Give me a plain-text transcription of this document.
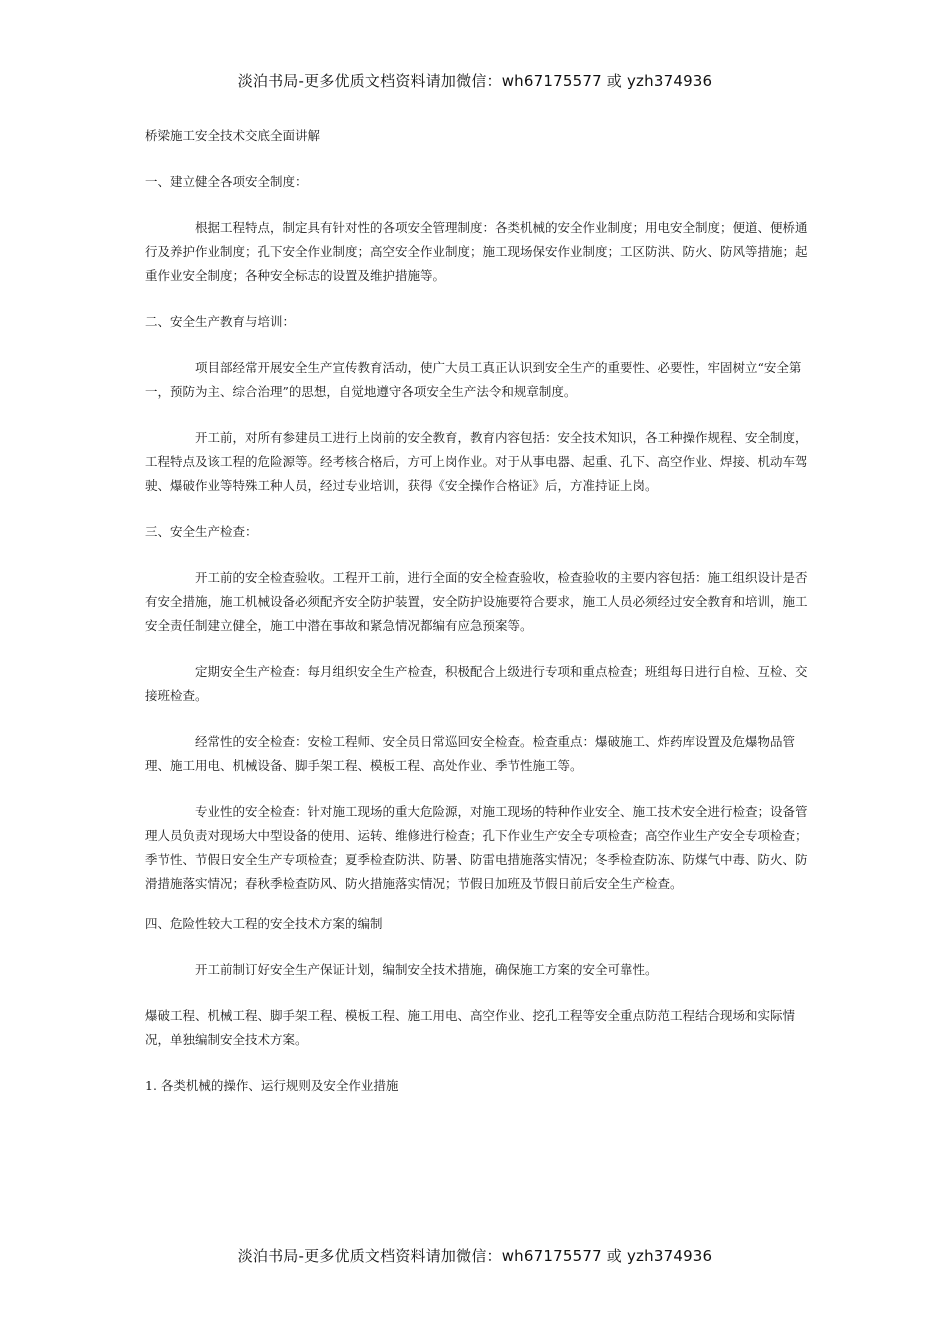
淡泊书局-更多优质文档资料请加微信：wh67175577 或 yzh374936

桥梁施工安全技术交底全面讲解

一、建立健全各项安全制度：

根据工程特点，制定具有针对性的各项安全管理制度：各类机械的安全作业制度；用电安全制度；便道、便桥通行及养护作业制度；孔下安全作业制度；高空安全作业制度；施工现场保安作业制度；工区防洪、防火、防风等措施；起重作业安全制度；各种安全标志的设置及维护措施等。

二、安全生产教育与培训：

项目部经常开展安全生产宣传教育活动，使广大员工真正认识到安全生产的重要性、必要性，牢固树立“安全第一，预防为主、综合治理”的思想，自觉地遵守各项安全生产法令和规章制度。

开工前，对所有参建员工进行上岗前的安全教育，教育内容包括：安全技术知识，各工种操作规程、安全制度，工程特点及该工程的危险源等。经考核合格后，方可上岗作业。对于从事电器、起重、孔下、高空作业、焊接、机动车驾驶、爆破作业等特殊工种人员，经过专业培训，获得《安全操作合格证》后，方准持证上岗。

三、安全生产检查：

开工前的安全检查验收。工程开工前，进行全面的安全检查验收，检查验收的主要内容包括：施工组织设计是否有安全措施，施工机械设备必须配齐安全防护装置，安全防护设施要符合要求，施工人员必须经过安全教育和培训，施工安全责任制建立健全，施工中潜在事故和紧急情况都编有应急预案等。

定期安全生产检查：每月组织安全生产检查，积极配合上级进行专项和重点检查；班组每日进行自检、互检、交接班检查。

经常性的安全检查：安检工程师、安全员日常巡回安全检查。检查重点：爆破施工、炸药库设置及危爆物品管理、施工用电、机械设备、脚手架工程、模板工程、高处作业、季节性施工等。

专业性的安全检查：针对施工现场的重大危险源，对施工现场的特种作业安全、施工技术安全进行检查；设备管理人员负责对现场大中型设备的使用、运转、维修进行检查；孔下作业生产安全专项检查；高空作业生产安全专项检查；季节性、节假日安全生产专项检查；夏季检查防洪、防暑、防雷电措施落实情况；冬季检查防冻、防煤气中毒、防火、防滑措施落实情况；春秋季检查防风、防火措施落实情况；节假日加班及节假日前后安全生产检查。

四、危险性较大工程的安全技术方案的编制

开工前制订好安全生产保证计划，编制安全技术措施，确保施工方案的安全可靠性。

爆破工程、机械工程、脚手架工程、模板工程、施工用电、高空作业、挖孔工程等安全重点防范工程结合现场和实际情况，单独编制安全技术方案。

1. 各类机械的操作、运行规则及安全作业措施

淡泊书局-更多优质文档资料请加微信：wh67175577 或 yzh374936
